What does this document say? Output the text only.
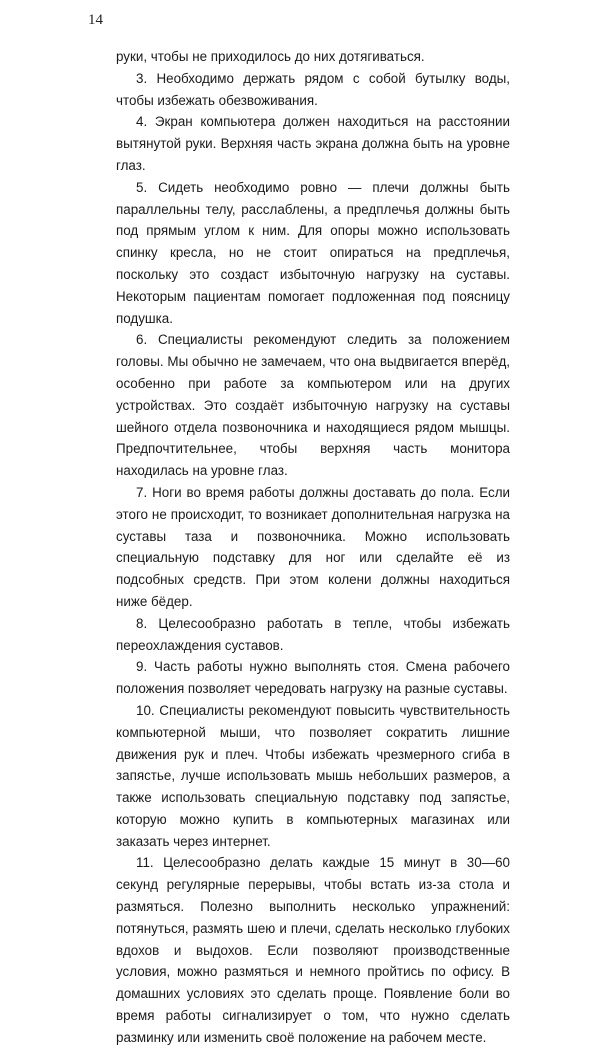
14

руки, чтобы не приходилось до них дотягиваться.

3. Необходимо держать рядом с собой бутылку воды, чтобы избежать обезвоживания.

4. Экран компьютера должен находиться на расстоянии вытянутой руки. Верхняя часть экрана должна быть на уровне глаз.

5. Сидеть необходимо ровно — плечи должны быть параллельны телу, расслаблены, а предплечья должны быть под прямым углом к ним. Для опоры можно использовать спинку кресла, но не стоит опираться на предплечья, поскольку это создаст избыточную нагрузку на суставы. Некоторым пациентам помогает подложенная под поясницу подушка.

6. Специалисты рекомендуют следить за положением головы. Мы обычно не замечаем, что она выдвигается вперёд, особенно при работе за компьютером или на других устройствах. Это создаёт избыточную нагрузку на суставы шейного отдела позвоночника и находящиеся рядом мышцы. Предпочтительнее, чтобы верхняя часть монитора находилась на уровне глаз.

7. Ноги во время работы должны доставать до пола. Если этого не происходит, то возникает дополнительная нагрузка на суставы таза и позвоночника. Можно использовать специальную подставку для ног или сделайте её из подсобных средств. При этом колени должны находиться ниже бёдер.

8. Целесообразно работать в тепле, чтобы избежать переохлаждения суставов.

9. Часть работы нужно выполнять стоя. Смена рабочего положения позволяет чередовать нагрузку на разные суставы.

10. Специалисты рекомендуют повысить чувствительность компьютерной мыши, что позволяет сократить лишние движения рук и плеч. Чтобы избежать чрезмерного сгиба в запястье, лучше использовать мышь небольших размеров, а также использовать специальную подставку под запястье, которую можно купить в компьютерных магазинах или заказать через интернет.

11. Целесообразно делать каждые 15 минут в 30—60 секунд регулярные перерывы, чтобы встать из-за стола и размяться. Полезно выполнить несколько упражнений: потянуться, размять шею и плечи, сделать несколько глубоких вдохов и выдохов. Если позволяют производственные условия, можно размяться и немного пройтись по офису. В домашних условиях это сделать проще. Появление боли во время работы сигнализирует о том, что нужно сделать разминку или изменить своё положение на рабочем месте.
